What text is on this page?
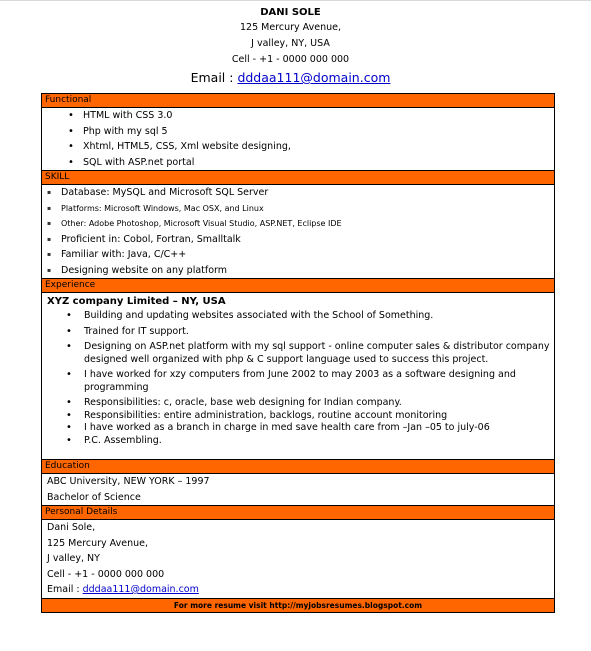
DANI SOLE
125 Mercury Avenue,
J valley, NY, USA
Cell - +1 - 0000 000 000
Email : dddaa111@domain.com
Functional
• HTML with CSS 3.0
• Php with my sql 5
• Xhtml, HTML5, CSS, Xml website designing,
• SQL with ASP.net portal
SKILL
▪ Database: MySQL and Microsoft SQL Server
▪ Platforms: Microsoft Windows, Mac OSX, and Linux
▪ Other: Adobe Photoshop, Microsoft Visual Studio, ASP.NET, Eclipse IDE
▪ Proficient in: Cobol, Fortran, Smalltalk
▪ Familiar with: Java, C/C++
▪ Designing website on any platform
Experience
XYZ company Limited – NY, USA
• Building and updating websites associated with the School of Something.
• Trained for IT support.
• Designing on ASP.net platform with my sql support - online computer sales & distributor company designed well organized with php & C support language used to success this project.
• I have worked for xzy computers from June 2002 to may 2003 as a software designing and programming
• Responsibilities: c, oracle, base web designing for Indian company.
• Responsibilities: entire administration, backlogs, routine account monitoring
• I have worked as a branch in charge in med save health care from –Jan –05 to july-06
• P.C. Assembling.
Education
ABC University, NEW YORK – 1997
Bachelor of Science
Personal Details
Dani Sole,
125 Mercury Avenue,
J valley, NY
Cell - +1 - 0000 000 000
Email : dddaa111@domain.com
For more resume visit http://myjobsresumes.blogspot.com
